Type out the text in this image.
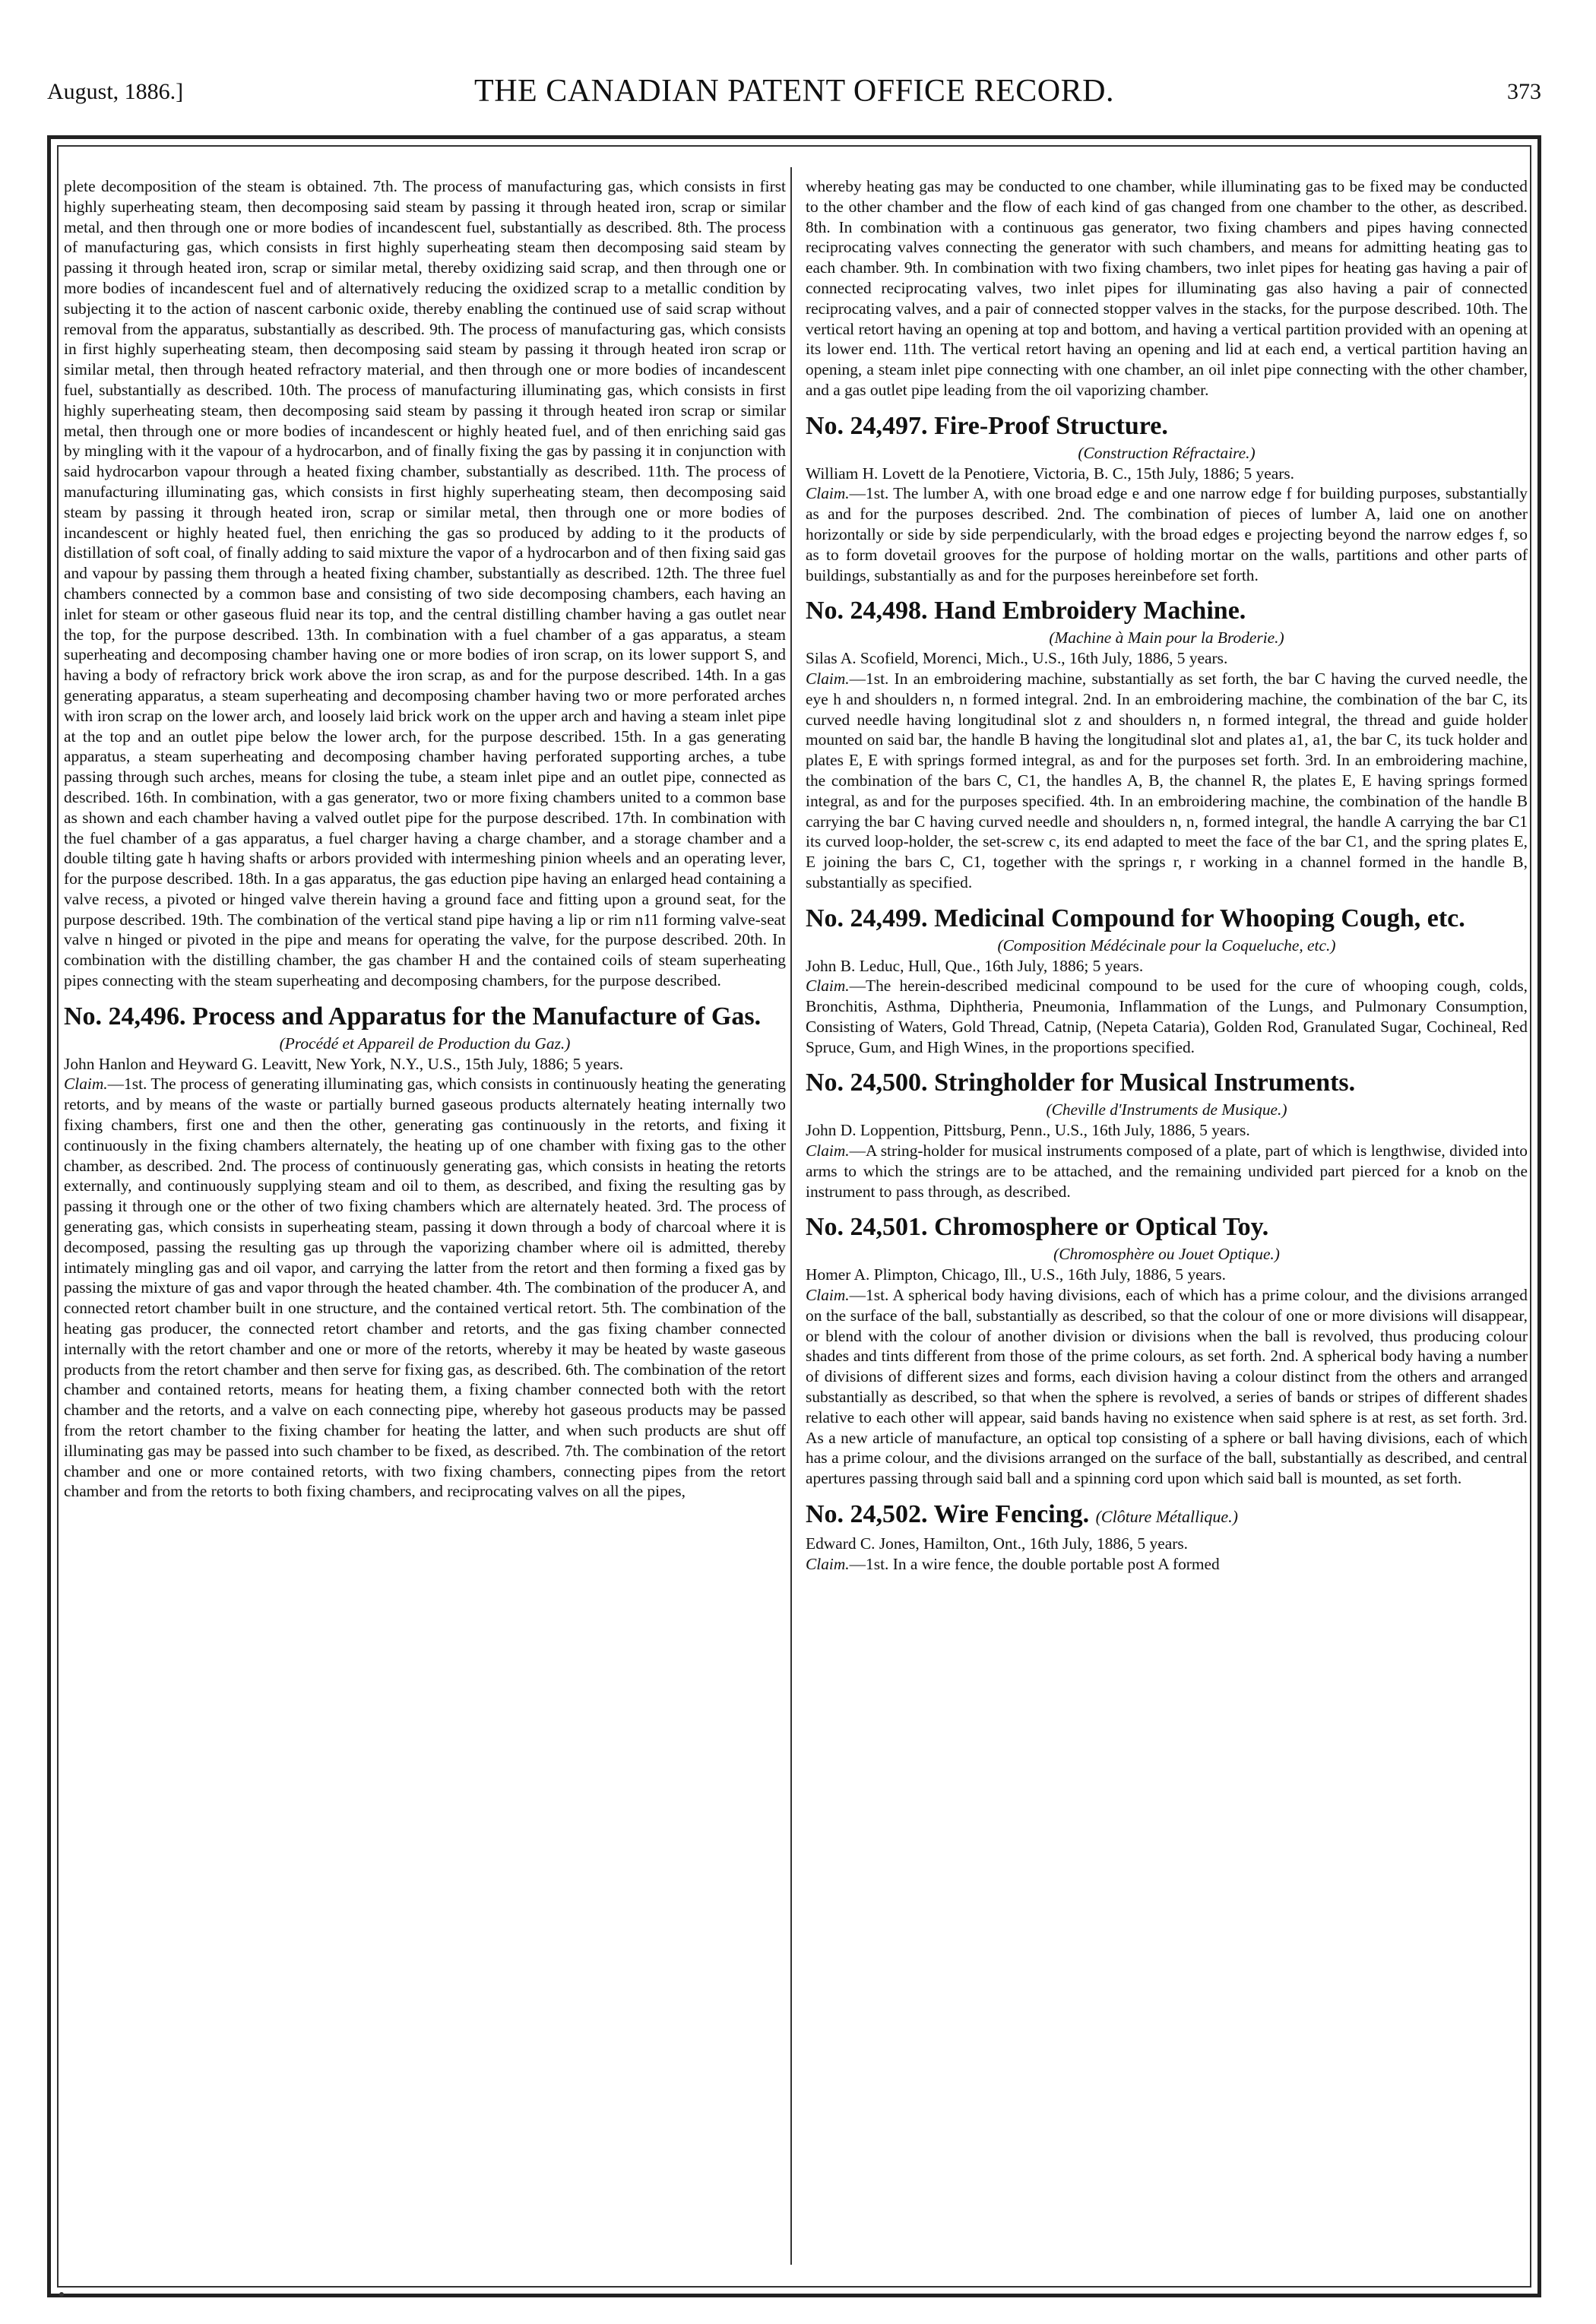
August, 1886.]	THE CANADIAN PATENT OFFICE RECORD.	373

plete decomposition of the steam is obtained. 7th. The process of manufacturing gas, which consists in first highly superheating steam, then decomposing said steam by passing it through heated iron, scrap or similar metal, and then through one or more bodies of incandescent fuel, substantially as described. 8th. The process of manufacturing gas, which consists in first highly superheating steam then decomposing said steam by passing it through heated iron, scrap or similar metal, thereby oxidizing said scrap, and then through one or more bodies of incandescent fuel and of alternatively reducing the oxidized scrap to a metallic condition by subjecting it to the action of nascent carbonic oxide, thereby enabling the continued use of said scrap without removal from the apparatus, substantially as described. 9th. The process of manufacturing gas, which consists in first highly superheating steam, then decomposing said steam by passing it through heated iron scrap or similar metal, then through heated refractory material, and then through one or more bodies of incandescent fuel, substantially as described. 10th. The process of manufacturing illuminating gas, which consists in first highly superheating steam, then decomposing said steam by passing it through heated iron scrap or similar metal, then through one or more bodies of incandescent or highly heated fuel, and of then enriching said gas by mingling with it the vapour of a hydrocarbon, and of finally fixing the gas by passing it in conjunction with said hydrocarbon vapour through a heated fixing chamber, substantially as described. 11th. The process of manufacturing illuminating gas, which consists in first highly superheating steam, then decomposing said steam by passing it through heated iron, scrap or similar metal, then through one or more bodies of incandescent or highly heated fuel, then enriching the gas so produced by adding to it the products of distillation of soft coal, of finally adding to said mixture the vapor of a hydrocarbon and of then fixing said gas and vapour by passing them through a heated fixing chamber, substantially as described. 12th. The three fuel chambers connected by a common base and consisting of two side decomposing chambers, each having an inlet for steam or other gaseous fluid near its top, and the central distilling chamber having a gas outlet near the top, for the purpose described. 13th. In combination with a fuel chamber of a gas apparatus, a steam superheating and decomposing chamber having one or more bodies of iron scrap, on its lower support S, and having a body of refractory brick work above the iron scrap, as and for the purpose described. 14th. In a gas generating apparatus, a steam superheating and decomposing chamber having two or more perforated arches with iron scrap on the lower arch, and loosely laid brick work on the upper arch and having a steam inlet pipe at the top and an outlet pipe below the lower arch, for the purpose described. 15th. In a gas generating apparatus, a steam superheating and decomposing chamber having perforated supporting arches, a tube passing through such arches, means for closing the tube, a steam inlet pipe and an outlet pipe, connected as described. 16th. In combination, with a gas generator, two or more fixing chambers united to a common base as shown and each chamber having a valved outlet pipe for the purpose described. 17th. In combination with the fuel chamber of a gas apparatus, a fuel charger having a charge chamber, and a storage chamber and a double tilting gate h having shafts or arbors provided with intermeshing pinion wheels and an operating lever, for the purpose described. 18th. In a gas apparatus, the gas eduction pipe having an enlarged head containing a valve recess, a pivoted or hinged valve therein having a ground face and fitting upon a ground seat, for the purpose described. 19th. The combination of the vertical stand pipe having a lip or rim n11 forming valve-seat valve n hinged or pivoted in the pipe and means for operating the valve, for the purpose described. 20th. In combination with the distilling chamber, the gas chamber H and the contained coils of steam superheating pipes connecting with the steam superheating and decomposing chambers, for the purpose described.

No. 24,496. Process and Apparatus for the Manufacture of Gas.

(Procédé et Appareil de Production du Gaz.)

John Hanlon and Heyward G. Leavitt, New York, N.Y., U.S., 15th July, 1886; 5 years.

Claim.—1st. The process of generating illuminating gas, which consists in continuously heating the generating retorts, and by means of the waste or partially burned gaseous products alternately heating internally two fixing chambers, first one and then the other, generating gas continuously in the retorts, and fixing it continuously in the fixing chambers alternately, the heating up of one chamber with fixing gas to the other chamber, as described. 2nd. The process of continuously generating gas, which consists in heating the retorts externally, and continuously supplying steam and oil to them, as described, and fixing the resulting gas by passing it through one or the other of two fixing chambers which are alternately heated. 3rd. The process of generating gas, which consists in superheating steam, passing it down through a body of charcoal where it is decomposed, passing the resulting gas up through the vaporizing chamber where oil is admitted, thereby intimately mingling gas and oil vapor, and carrying the latter from the retort and then forming a fixed gas by passing the mixture of gas and vapor through the heated chamber. 4th. The combination of the producer A, and connected retort chamber built in one structure, and the contained vertical retort. 5th. The combination of the heating gas producer, the connected retort chamber and retorts, and the gas fixing chamber connected internally with the retort chamber and one or more of the retorts, whereby it may be heated by waste gaseous products from the retort chamber and then serve for fixing gas, as described. 6th. The combination of the retort chamber and contained retorts, means for heating them, a fixing chamber connected both with the retort chamber and the retorts, and a valve on each connecting pipe, whereby hot gaseous products may be passed from the retort chamber to the fixing chamber for heating the latter, and when such products are shut off illuminating gas may be passed into such chamber to be fixed, as described. 7th. The combination of the retort chamber and one or more contained retorts, with two fixing chambers, connecting pipes from the retort chamber and from the retorts to both fixing chambers, and reciprocating valves on all the pipes,

whereby heating gas may be conducted to one chamber, while illuminating gas to be fixed may be conducted to the other chamber and the flow of each kind of gas changed from one chamber to the other, as described. 8th. In combination with a continuous gas generator, two fixing chambers and pipes having connected reciprocating valves connecting the generator with such chambers, and means for admitting heating gas to each chamber. 9th. In combination with two fixing chambers, two inlet pipes for heating gas having a pair of connected reciprocating valves, two inlet pipes for illuminating gas also having a pair of connected reciprocating valves, and a pair of connected stopper valves in the stacks, for the purpose described. 10th. The vertical retort having an opening at top and bottom, and having a vertical partition provided with an opening at its lower end. 11th. The vertical retort having an opening and lid at each end, a vertical partition having an opening, a steam inlet pipe connecting with one chamber, an oil inlet pipe connecting with the other chamber, and a gas outlet pipe leading from the oil vaporizing chamber.

No. 24,497. Fire-Proof Structure.

(Construction Réfractaire.)

William H. Lovett de la Penotiere, Victoria, B. C., 15th July, 1886; 5 years.

Claim.—1st. The lumber A, with one broad edge e and one narrow edge f for building purposes, substantially as and for the purposes described. 2nd. The combination of pieces of lumber A, laid one on another horizontally or side by side perpendicularly, with the broad edges e projecting beyond the narrow edges f, so as to form dovetail grooves for the purpose of holding mortar on the walls, partitions and other parts of buildings, substantially as and for the purposes hereinbefore set forth.

No. 24,498. Hand Embroidery Machine.

(Machine à Main pour la Broderie.)

Silas A. Scofield, Morenci, Mich., U.S., 16th July, 1886, 5 years.

Claim.—1st. In an embroidering machine, substantially as set forth, the bar C having the curved needle, the eye h and shoulders n, n formed integral. 2nd. In an embroidering machine, the combination of the bar C, its curved needle having longitudinal slot z and shoulders n, n formed integral, the thread and guide holder mounted on said bar, the handle B having the longitudinal slot and plates a1, a1, the bar C, its tuck holder and plates E, E with springs formed integral, as and for the purposes set forth. 3rd. In an embroidering machine, the combination of the bars C, C1, the handles A, B, the channel R, the plates E, E having springs formed integral, as and for the purposes specified. 4th. In an embroidering machine, the combination of the handle B carrying the bar C having curved needle and shoulders n, n, formed integral, the handle A carrying the bar C1 its curved loop-holder, the set-screw c, its end adapted to meet the face of the bar C1, and the spring plates E, E joining the bars C, C1, together with the springs r, r working in a channel formed in the handle B, substantially as specified.

No. 24,499. Medicinal Compound for Whooping Cough, etc.

(Composition Médécinale pour la Coqueluche, etc.)

John B. Leduc, Hull, Que., 16th July, 1886; 5 years.

Claim.—The herein-described medicinal compound to be used for the cure of whooping cough, colds, Bronchitis, Asthma, Diphtheria, Pneumonia, Inflammation of the Lungs, and Pulmonary Consumption, Consisting of Waters, Gold Thread, Catnip, (Nepeta Cataria), Golden Rod, Granulated Sugar, Cochineal, Red Spruce, Gum, and High Wines, in the proportions specified.

No. 24,500. Stringholder for Musical Instruments.

(Cheville d'Instruments de Musique.)

John D. Loppention, Pittsburg, Penn., U.S., 16th July, 1886, 5 years.

Claim.—A string-holder for musical instruments composed of a plate, part of which is lengthwise, divided into arms to which the strings are to be attached, and the remaining undivided part pierced for a knob on the instrument to pass through, as described.

No. 24,501. Chromosphere or Optical Toy.

(Chromosphère ou Jouet Optique.)

Homer A. Plimpton, Chicago, Ill., U.S., 16th July, 1886, 5 years.

Claim.—1st. A spherical body having divisions, each of which has a prime colour, and the divisions arranged on the surface of the ball, substantially as described, so that the colour of one or more divisions will disappear, or blend with the colour of another division or divisions when the ball is revolved, thus producing colour shades and tints different from those of the prime colours, as set forth. 2nd. A spherical body having a number of divisions of different sizes and forms, each division having a colour distinct from the others and arranged substantially as described, so that when the sphere is revolved, a series of bands or stripes of different shades relative to each other will appear, said bands having no existence when said sphere is at rest, as set forth. 3rd. As a new article of manufacture, an optical top consisting of a sphere or ball having divisions, each of which has a prime colour, and the divisions arranged on the surface of the ball, substantially as described, and central apertures passing through said ball and a spinning cord upon which said ball is mounted, as set forth.

No. 24,502. Wire Fencing. (Clôture Métallique.)

Edward C. Jones, Hamilton, Ont., 16th July, 1886, 5 years.

Claim.—1st. In a wire fence, the double portable post A formed
